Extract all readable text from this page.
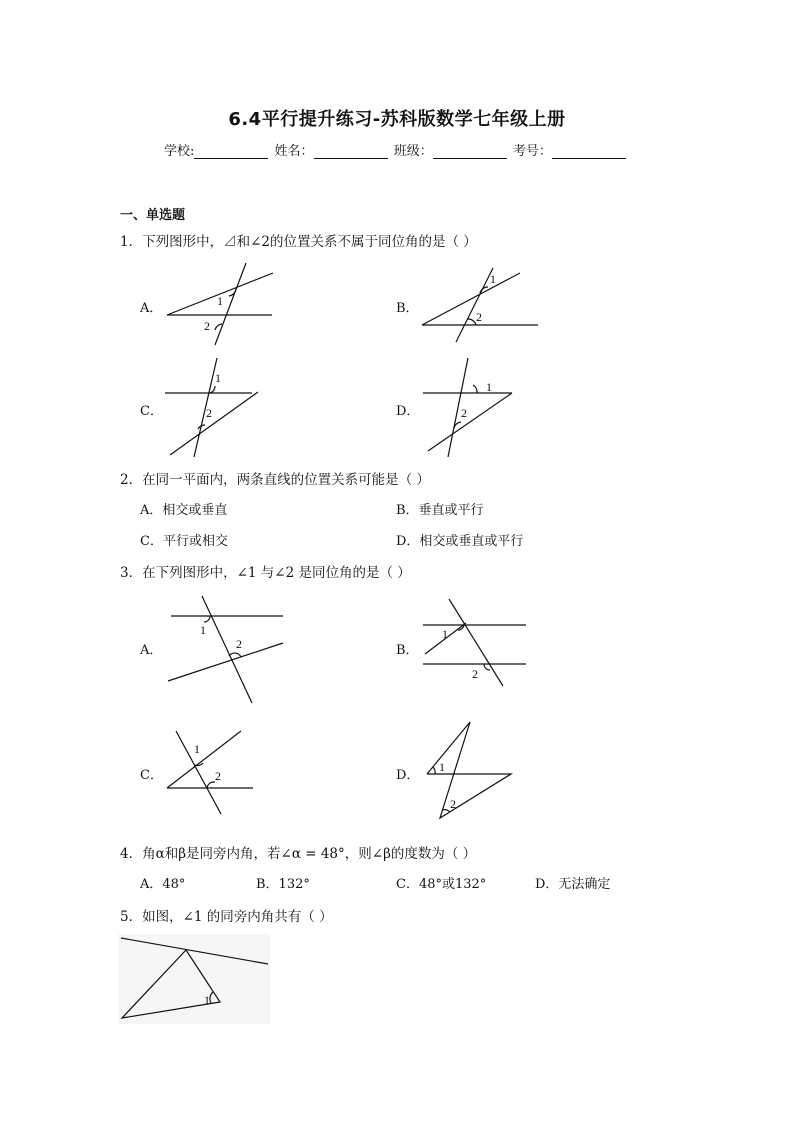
6.4平行提升练习-苏科版数学七年级上册
学校:	姓名：	班级：	考号：
一、单选题
1．下列图形中，⊿和∠2的位置关系不属于同位角的是（ ）
A．	1
2
B．
1
2
C．
1
2	D．
1
2
2．在同一平面内，两条直线的位置关系可能是（ ）
A．相交或垂直	B．垂直或平行
C．平行或相交	D．相交或垂直或平行
3．在下列图形中，∠1 与∠2 是同位角的是（ ）
A．
1
2	B．
1
2
C．
1
2	D．
1
2
4．角α和β是同旁内角，若∠α = 48°，则∠β的度数为（ ）
A．48°	B．132°	C．48°或132°	D．无法确定
5．如图，∠1 的同旁内角共有（ ）
1
